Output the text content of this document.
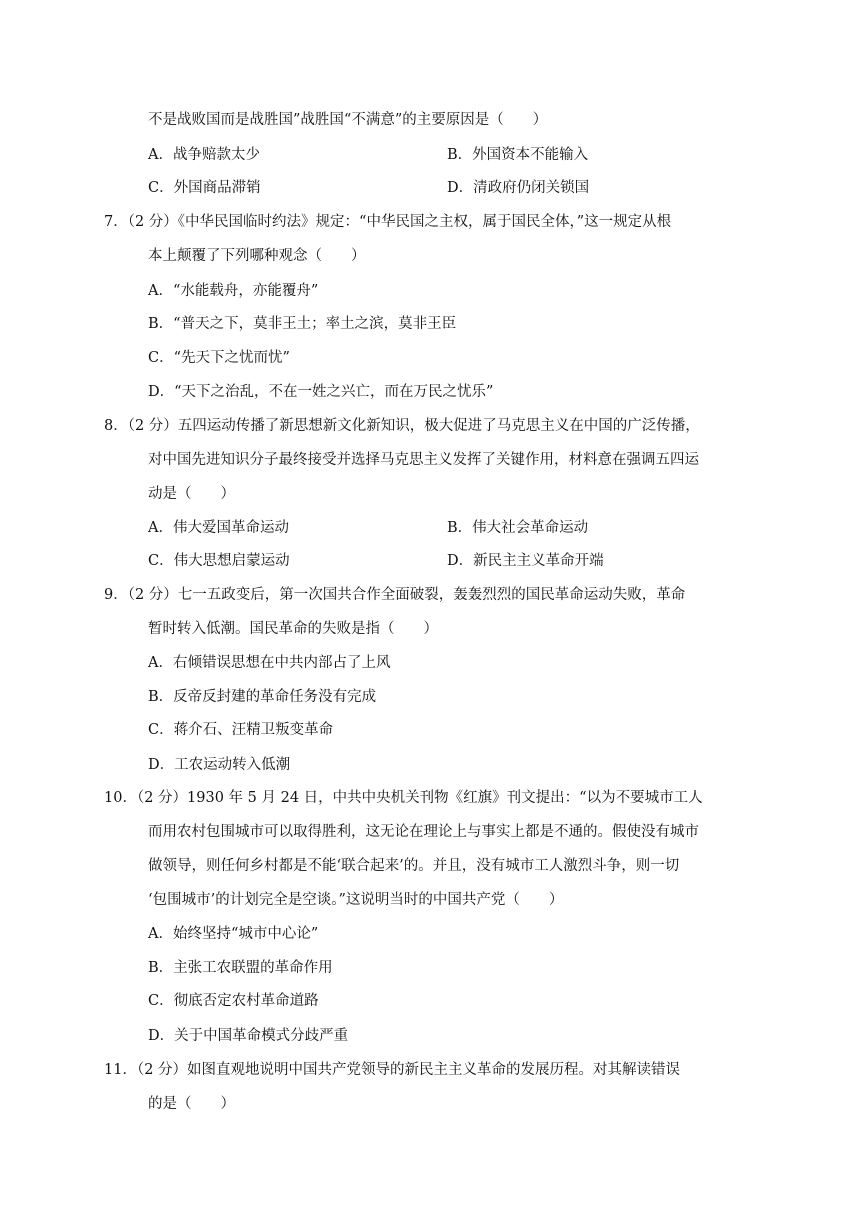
不是战败国而是战胜国”战胜国“不满意”的主要原因是（　　）
A．战争赔款太少	B．外国资本不能输入
C．外国商品滞销	D．清政府仍闭关锁国
7．（2 分）《中华民国临时约法》规定：“中华民国之主权，属于国民全体，”这一规定从根
本上颠覆了下列哪种观念（　　）
A．“水能载舟，亦能覆舟”
B．“普天之下，莫非王土；率土之滨，莫非王臣
C．“先天下之忧而忧”
D．“天下之治乱，不在一姓之兴亡，而在万民之忧乐”
8．（2 分）五四运动传播了新思想新文化新知识，极大促进了马克思主义在中国的广泛传播，
对中国先进知识分子最终接受并选择马克思主义发挥了关键作用，材料意在强调五四运
动是（　　）
A．伟大爱国革命运动	B．伟大社会革命运动
C．伟大思想启蒙运动	D．新民主主义革命开端
9．（2 分）七一五政变后，第一次国共合作全面破裂，轰轰烈烈的国民革命运动失败，革命
暂时转入低潮。国民革命的失败是指（　　）
A．右倾错误思想在中共内部占了上风
B．反帝反封建的革命任务没有完成
C．蒋介石、汪精卫叛变革命
D．工农运动转入低潮
10．（2 分）1930 年 5 月 24 日，中共中央机关刊物《红旗》刊文提出：“以为不要城市工人
而用农村包围城市可以取得胜利，这无论在理论上与事实上都是不通的。假使没有城市
做领导，则任何乡村都是不能‘联合起来’的。并且，没有城市工人激烈斗争，则一切
‘包围城市’的计划完全是空谈。”这说明当时的中国共产党（　　）
A．始终坚持“城市中心论”
B．主张工农联盟的革命作用
C．彻底否定农村革命道路
D．关于中国革命模式分歧严重
11．（2 分）如图直观地说明中国共产党领导的新民主主义革命的发展历程。对其解读错误
的是（　　）
